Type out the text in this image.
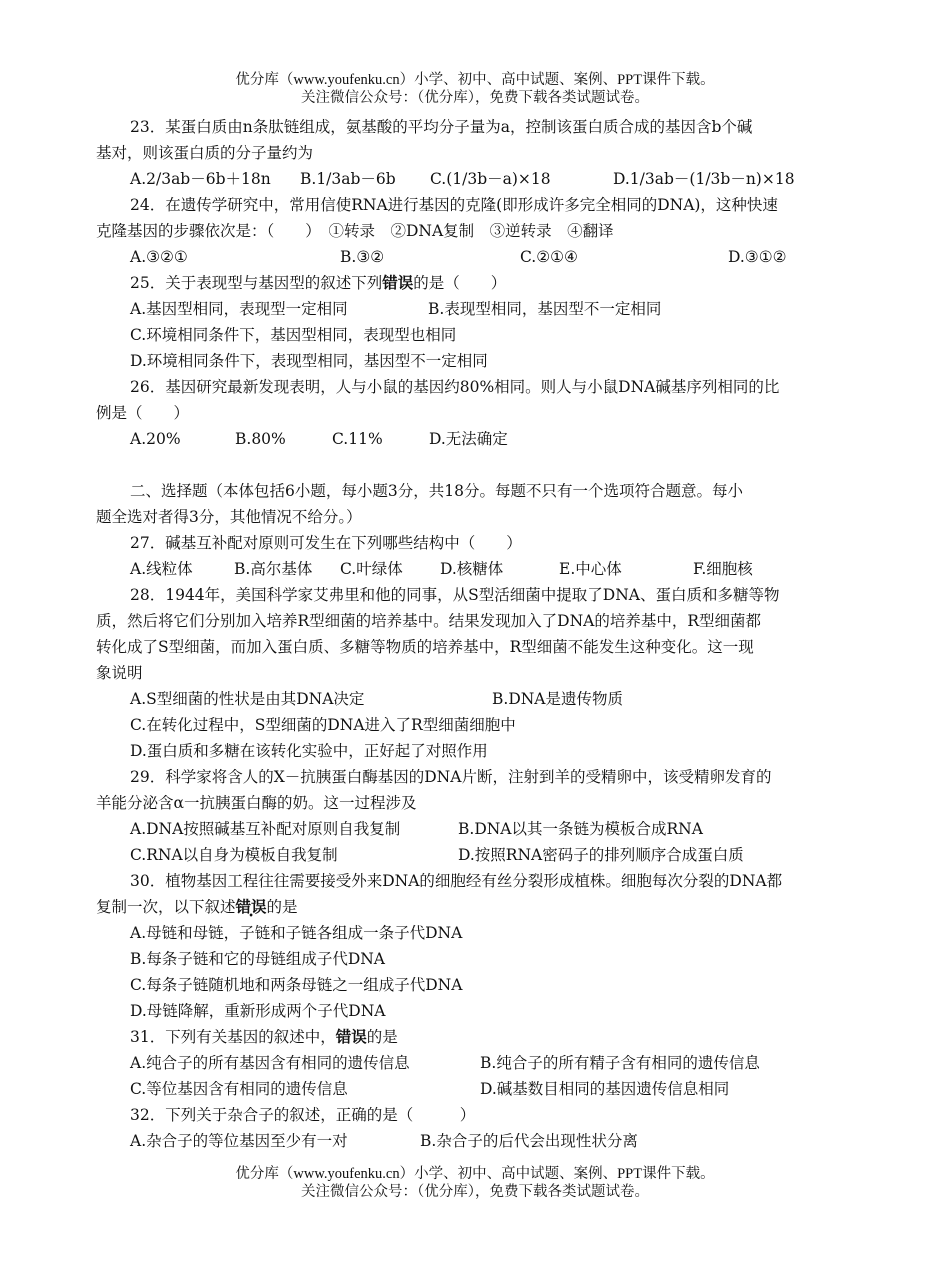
优分库（www.youfenku.cn）小学、初中、高中试题、案例、PPT课件下载。
关注微信公众号：（优分库），免费下载各类试题试卷。
23．某蛋白质由n条肽链组成，氨基酸的平均分子量为a，控制该蛋白质合成的基因含b个碱
基对，则该蛋白质的分子量约为
A.2/3ab－6b＋18n B.1/3ab－6b C.(1/3b－a)×18	D.1/3ab－(1/3b－n)×18
24．在遗传学研究中，常用信使RNA进行基因的克隆(即形成许多完全相同的DNA)，这种快速
克隆基因的步骤依次是：（　　）　①转录　②DNA复制　③逆转录　④翻译
A.③②①	B.③②	C.②①④	D.③①②
25．关于表现型与基因型的叙述下列错误的是（　　）
A.基因型相同，表现型一定相同	B.表现型相同，基因型不一定相同
C.环境相同条件下，基因型相同，表现型也相同
D.环境相同条件下，表现型相同，基因型不一定相同
26．基因研究最新发现表明，人与小鼠的基因约80%相同。则人与小鼠DNA碱基序列相同的比
例是（　　）
A.20%	B.80%	C.11%	D.无法确定
二、选择题（本体包括6小题，每小题3分，共18分。每题不只有一个选项符合题意。每小
题全选对者得3分，其他情况不给分。）
27．碱基互补配对原则可发生在下列哪些结构中（　　）
A.线粒体	B.高尔基体 C.叶绿体 D.核糖体	E.中心体	F.细胞核
28．1944年，美国科学家艾弗里和他的同事，从S型活细菌中提取了DNA、蛋白质和多糖等物
质，然后将它们分别加入培养R型细菌的培养基中。结果发现加入了DNA的培养基中，R型细菌都
转化成了S型细菌，而加入蛋白质、多糖等物质的培养基中，R型细菌不能发生这种变化。这一现
象说明
A.S型细菌的性状是由其DNA决定	B.DNA是遗传物质
C.在转化过程中，S型细菌的DNA进入了R型细菌细胞中
D.蛋白质和多糖在该转化实验中，正好起了对照作用
29．科学家将含人的X－抗胰蛋白酶基因的DNA片断，注射到羊的受精卵中，该受精卵发育的
羊能分泌含α一抗胰蛋白酶的奶。这一过程涉及
A.DNA按照碱基互补配对原则自我复制	B.DNA以其一条链为模板合成RNA
C.RNA以自身为模板自我复制	D.按照RNA密码子的排列顺序合成蛋白质
30．植物基因工程往往需要接受外来DNA的细胞经有丝分裂形成植株。细胞每次分裂的DNA都
复制一次，以下叙述错误的是
A.母链和母链，子链和子链各组成一条子代DNA
B.每条子链和它的母链组成子代DNA
C.每条子链随机地和两条母链之一组成子代DNA
D.母链降解，重新形成两个子代DNA
31．下列有关基因的叙述中，错误的是
A.纯合子的所有基因含有相同的遗传信息	B.纯合子的所有精子含有相同的遗传信息
C.等位基因含有相同的遗传信息	D.碱基数目相同的基因遗传信息相同
32．下列关于杂合子的叙述，正确的是（　　　）
A.杂合子的等位基因至少有一对	B.杂合子的后代会出现性状分离
优分库（www.youfenku.cn）小学、初中、高中试题、案例、PPT课件下载。
关注微信公众号：（优分库），免费下载各类试题试卷。
